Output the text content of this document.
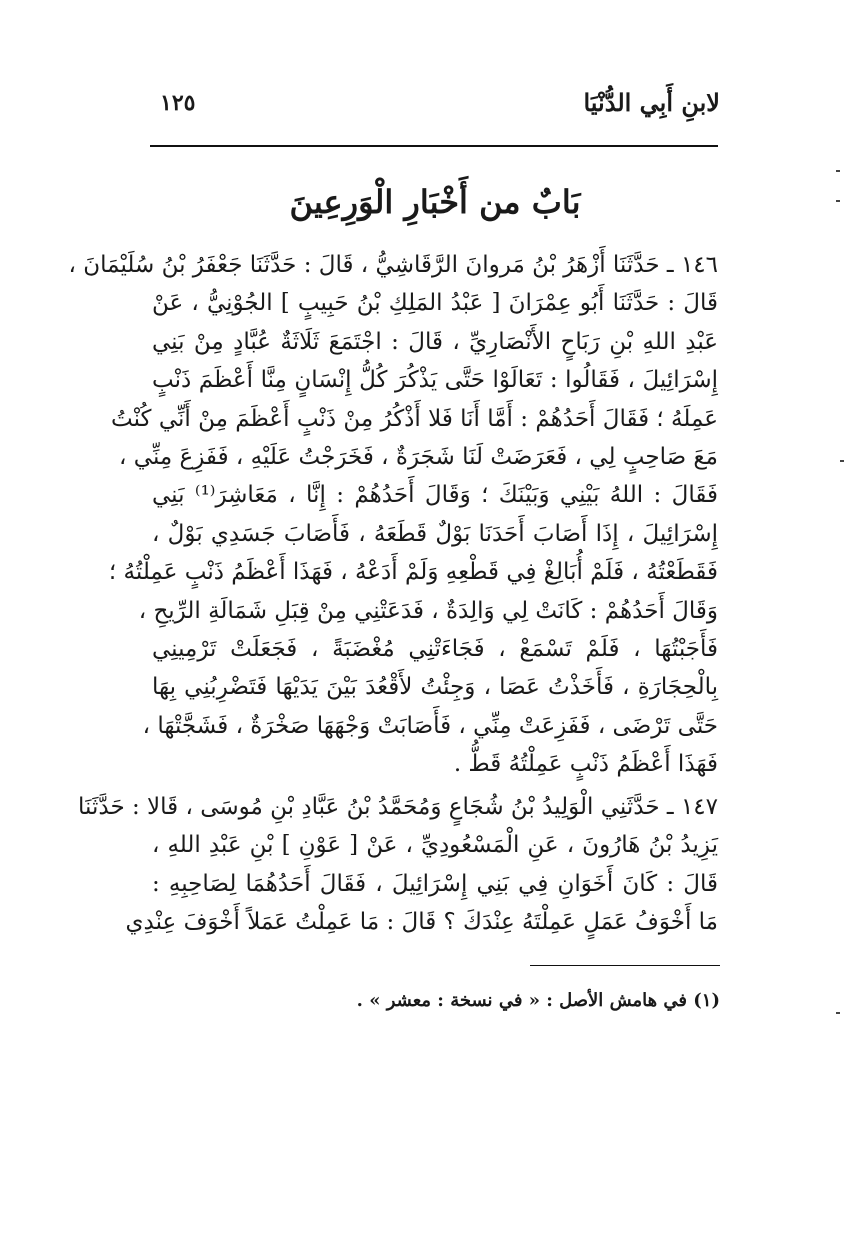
لابنِ أَبِي الدُّنْيَا
١٢٥
بَابٌ من أَخْبَارِ الْوَرِعِينَ
١٤٦ ـ حَدَّثَنَا أَزْهَرُ بْنُ مَروانَ الرَّقَاشِيُّ ، قَالَ : حَدَّثَنَا جَعْفَرُ بْنُ سُلَيْمَانَ ،
قَالَ : حَدَّثَنَا أَبُو عِمْرَانَ [ عَبْدُ المَلِكِ بْنُ حَبِيبٍ ] الجُوْنِيُّ ، عَنْ
عَبْدِ اللهِ بْنِ رَبَاحٍ الأَنْصَارِيِّ ، قَالَ : اجْتَمَعَ ثَلَاثَةٌ عُبَّادٍ مِنْ بَنِي
إِسْرَائِيلَ ، فَقَالُوا : تَعَالَوْا حَتَّى يَذْكُرَ كُلُّ إِنْسَانٍ مِنَّا أَعْظَمَ ذَنْبٍ
عَمِلَهُ ؛ فَقَالَ أَحَدُهُمْ : أَمَّا أَنَا فَلا أَذْكُرُ مِنْ ذَنْبٍ أَعْظَمَ مِنْ أَنِّي كُنْتُ
مَعَ صَاحِبٍ لِي ، فَعَرَضَتْ لَنَا شَجَرَةٌ ، فَخَرَجْتُ عَلَيْهِ ، فَفَزِعَ مِنِّي ،
فَقَالَ : اللهُ بَيْنِي وَبَيْنَكَ ؛ وَقَالَ أَحَدُهُمْ : إِنَّا ، مَعَاشِرَ⁽¹⁾ بَنِي
إِسْرَائِيلَ ، إِذَا أَصَابَ أَحَدَنَا بَوْلٌ قَطَعَهُ ، فَأَصَابَ جَسَدِي بَوْلٌ ،
فَقَطَعْتُهُ ، فَلَمْ أُبَالِغْ فِي قَطْعِهِ وَلَمْ أَدَعْهُ ، فَهَذَا أَعْظَمُ ذَنْبٍ عَمِلْتُهُ ؛
وَقَالَ أَحَدُهُمْ : كَانَتْ لِي وَالِدَةٌ ، فَدَعَتْنِي مِنْ قِبَلِ شَمَالَةِ الرِّيحِ ،
فَأَجَبْتُهَا ، فَلَمْ تَسْمَعْ ، فَجَاءَتْنِي مُغْضَبَةً ، فَجَعَلَتْ تَرْمِينِي
بِالْحِجَارَةِ ، فَأَخَذْتُ عَصَا ، وَجِئْتُ لأَقْعُدَ بَيْنَ يَدَيْهَا فَتَضْرِبُنِي بِهَا
حَتَّى تَرْضَى ، فَفَزِعَتْ مِنِّي ، فَأَصَابَتْ وَجْهَهَا صَخْرَةٌ ، فَشَجَّتْهَا ،
فَهَذَا أَعْظَمُ ذَنْبٍ عَمِلْتُهُ قَطُّ .
١٤٧ ـ حَدَّثَنِي الْوَلِيدُ بْنُ شُجَاعٍ وَمُحَمَّدُ بْنُ عَبَّادِ بْنِ مُوسَى ، قَالا : حَدَّثَنَا
يَزِيدُ بْنُ هَارُونَ ، عَنِ الْمَسْعُودِيِّ ، عَنْ [ عَوْنِ ] بْنِ عَبْدِ اللهِ ،
قَالَ : كَانَ أَخَوَانِ فِي بَنِي إِسْرَائِيلَ ، فَقَالَ أَحَدُهُمَا لِصَاحِبِهِ :
مَا أَخْوَفُ عَمَلٍ عَمِلْتَهُ عِنْدَكَ ؟ قَالَ : مَا عَمِلْتُ عَمَلاً أَخْوَفَ عِنْدِي
(١) في هامش الأصل : « في نسخة : معشر » .
